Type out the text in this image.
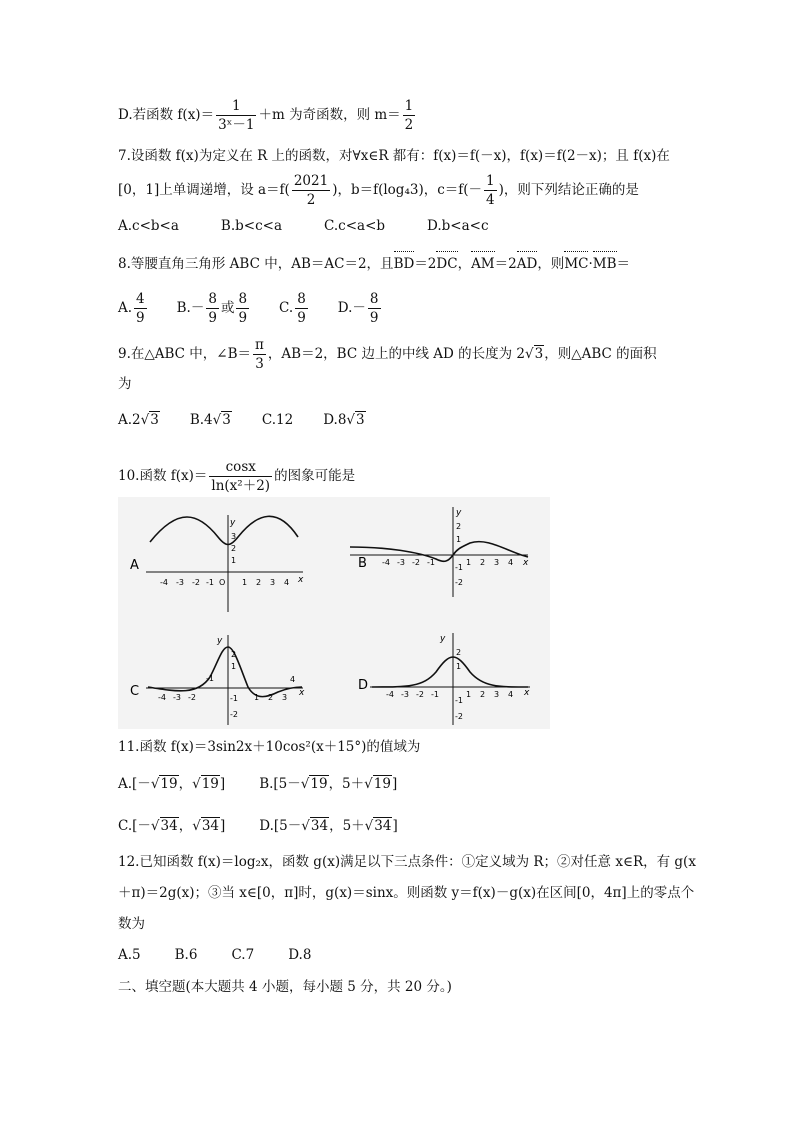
D.若函数 $f(x)= \frac{1}{\text{3ˣ－1}} +m$ 为奇函数，则 $m= \frac{1}{2}$
7.设函数 f(x)为定义在 R 上的函数，对∀x∈R 都有：f(x)＝f(－x)，f(x)＝f(2－x)；且 f(x)在
[0，1]上单调递增，设 $a=f( \frac{2021}{2}$ )，b＝f(log₄3)，$c=f(- \frac{1}{4}$ )，则下列结论正确的是
A.c<b<a	B.b<c<a	C.c<a<b	D.b<a<c
8.等腰直角三角形 ABC 中，AB＝AC＝2，且BD＝2DC，AM＝2AD，则MC·MB＝
A. $\frac{4}{9} B.- \frac{8}{9}$ 或 $\frac{8}{9} C$. $\frac{8}{9} D.- \frac{8}{9}$
9.在△ABC 中，∠B＝ $\frac{\pi}{3}$ ，AB＝2，BC 边上的中线 AD 的长度为 2√3，则△ABC 的面积
为
A.2√3 B.4√3 C.12 D.8√3
10.函数 $f(x)= \frac{\cos x}{\text{ln(x²＋2)}}$ 的图象可能是
A
y
x
3
2
1
-4 -3 -2 -1 O 1 2 3 4
B
y
x
2
1
-1
-2
-4 -3 -2 -1	1 2 3 4
C
y
x
2
1
-1
-2
-4 -3 -2
-1
1 2 3
4	D
y
x
2
1
-1
-2
-4 -3 -2 -1	1 2 3 4
11.函数 f(x)＝3sin2x＋10cos²(x＋15°)的值域为
A.[－√19，√19]	B.[5－√19，5＋√19]
C.[－√34，√34]	D.[5－√34，5＋√34]
12.已知函数 f(x)＝log₂x，函数 g(x)满足以下三点条件：①定义域为 R；②对任意 x∈R，有 g(x
＋π)＝2g(x)；③当 x∈[0，π]时，g(x)＝sinx。则函数 y＝f(x)－g(x)在区间[0，4π]上的零点个
数为
A.5	B.6	C.7	D.8
二、填空题(本大题共 4 小题，每小题 5 分，共 20 分。)
